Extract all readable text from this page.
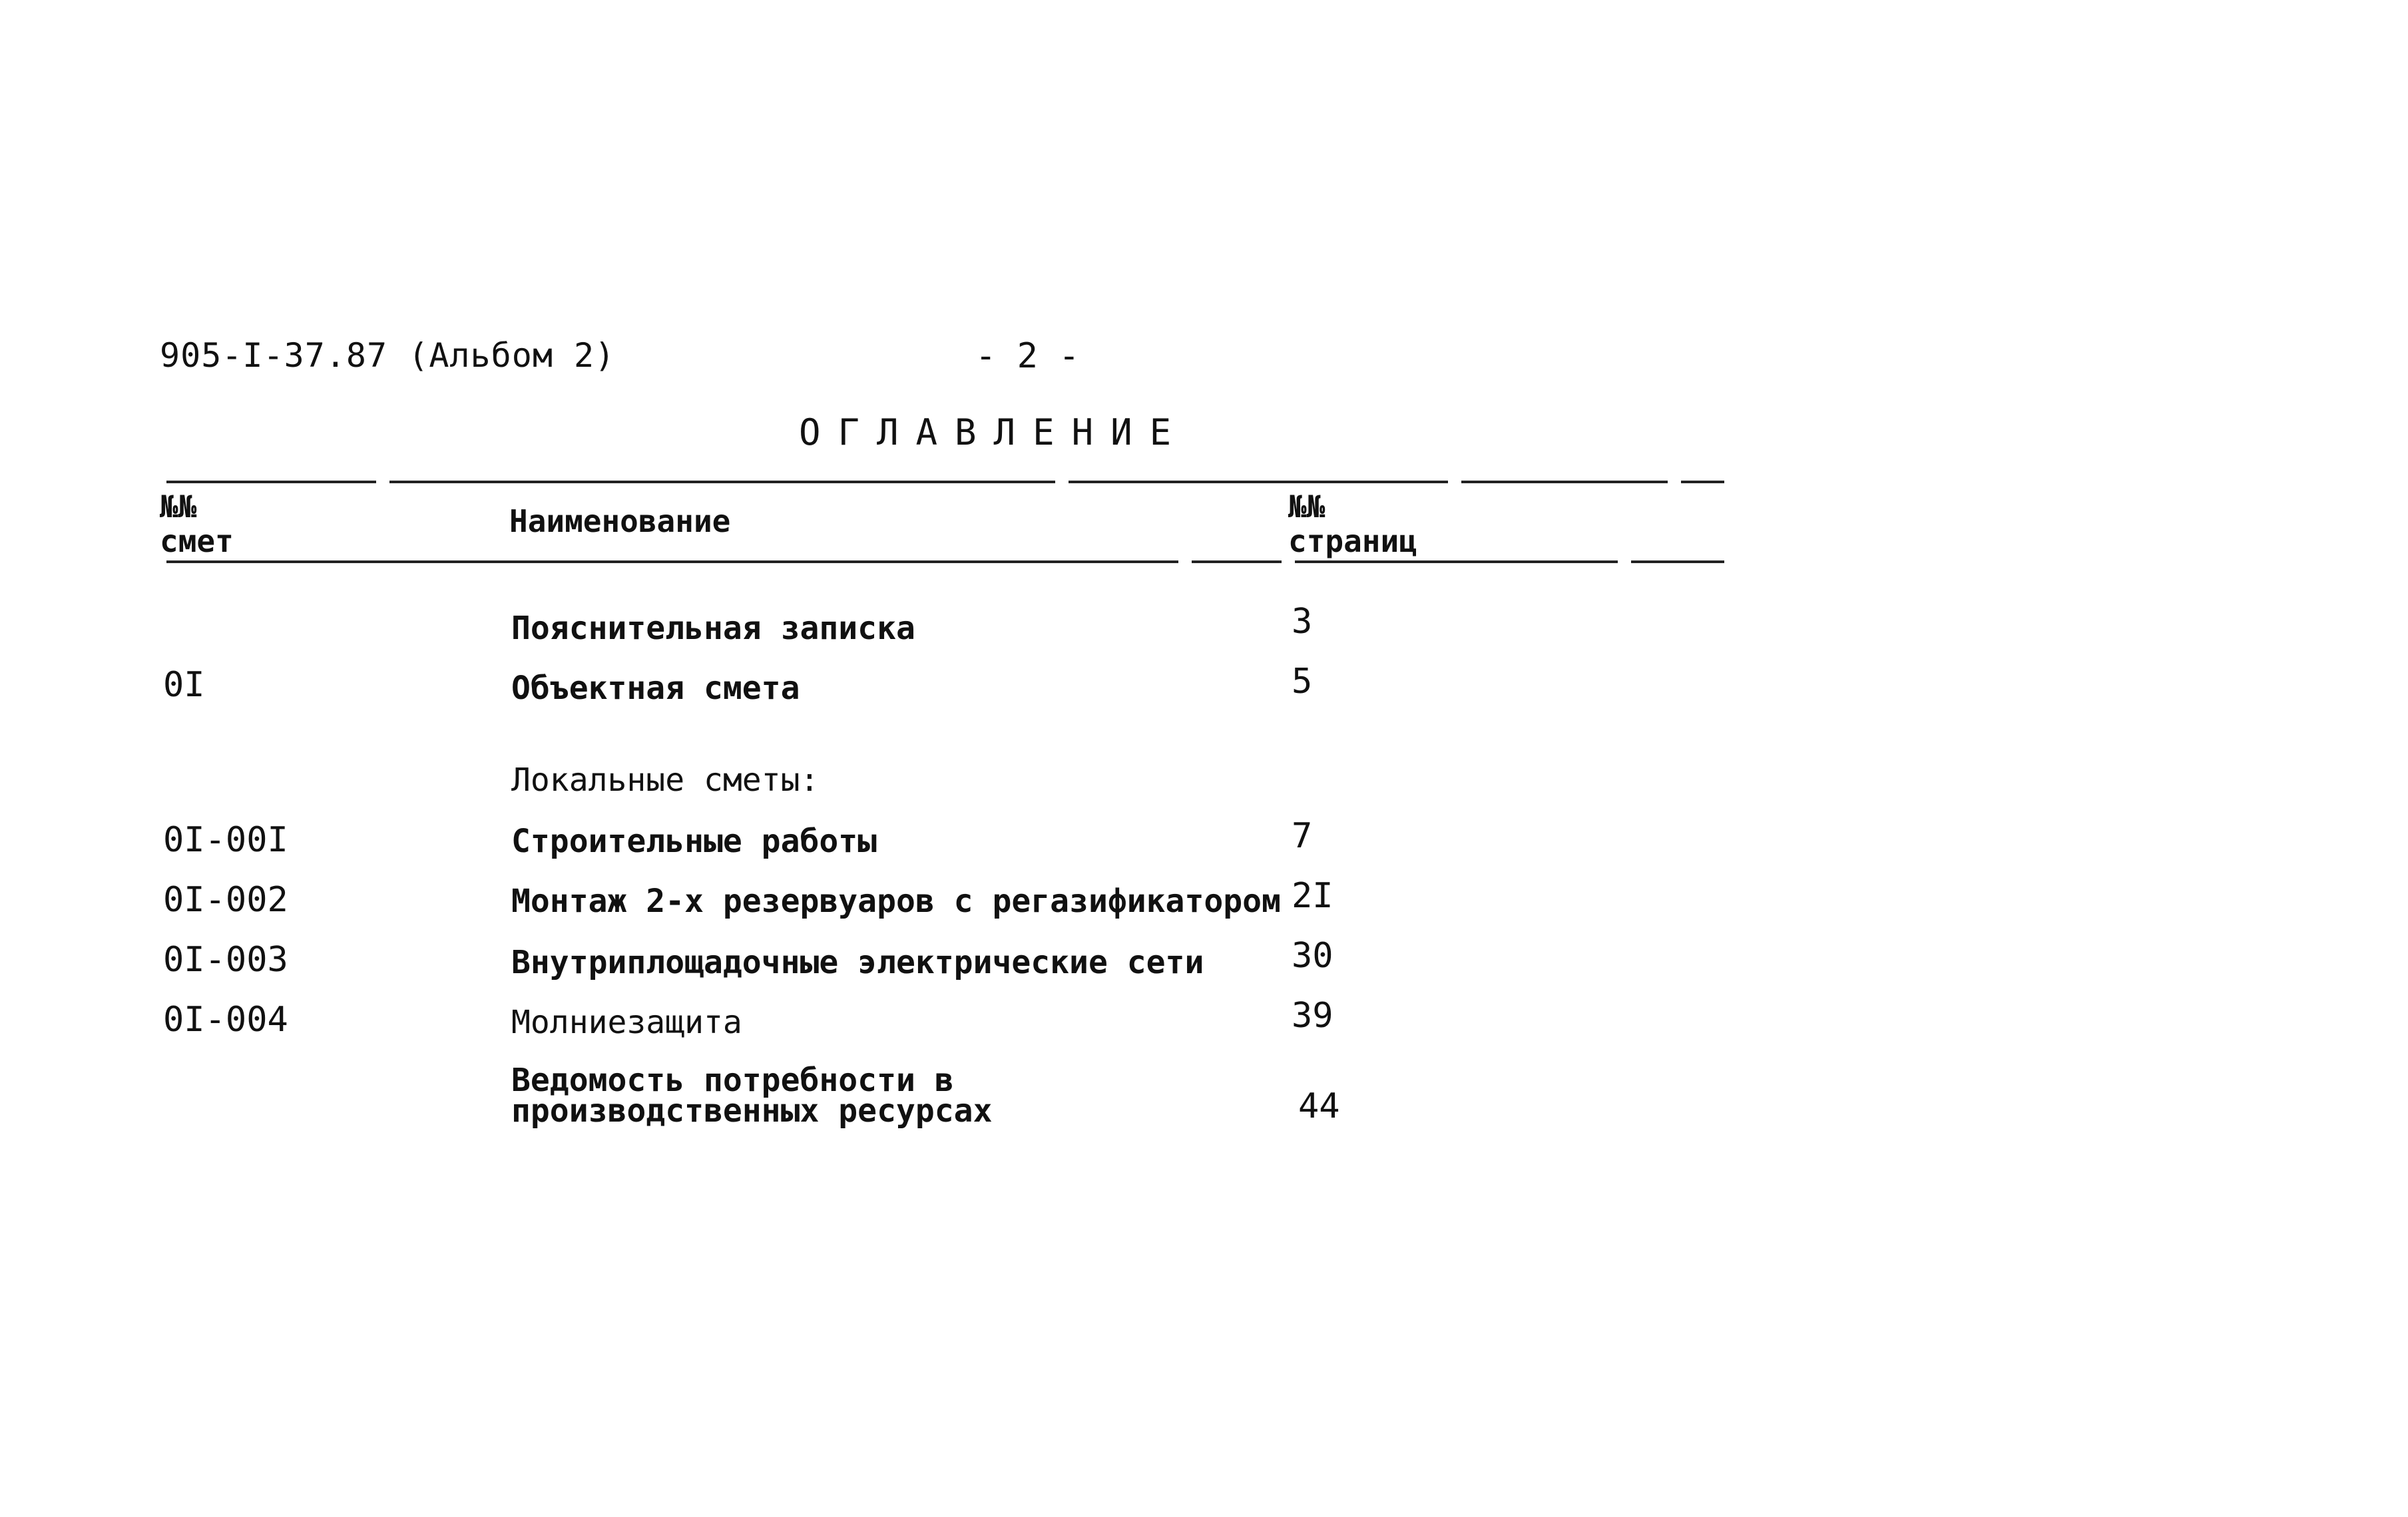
905-I-37.87 (Альбом 2)	- 2 -
ОГЛАВЛЕНИЕ
№№
смет
Наименование	№№
страниц
Пояснительная записка	3
0I	Объектная смета	5
Локальные сметы:
0I-00I	Строительные работы	7
0I-002	Монтаж 2-х резервуаров с регазификатором 2I
0I-003	Внутриплощадочные электрические сети	30
0I-004	Молниезащита	39
Ведомость потребности в
производственных ресурсах	44
